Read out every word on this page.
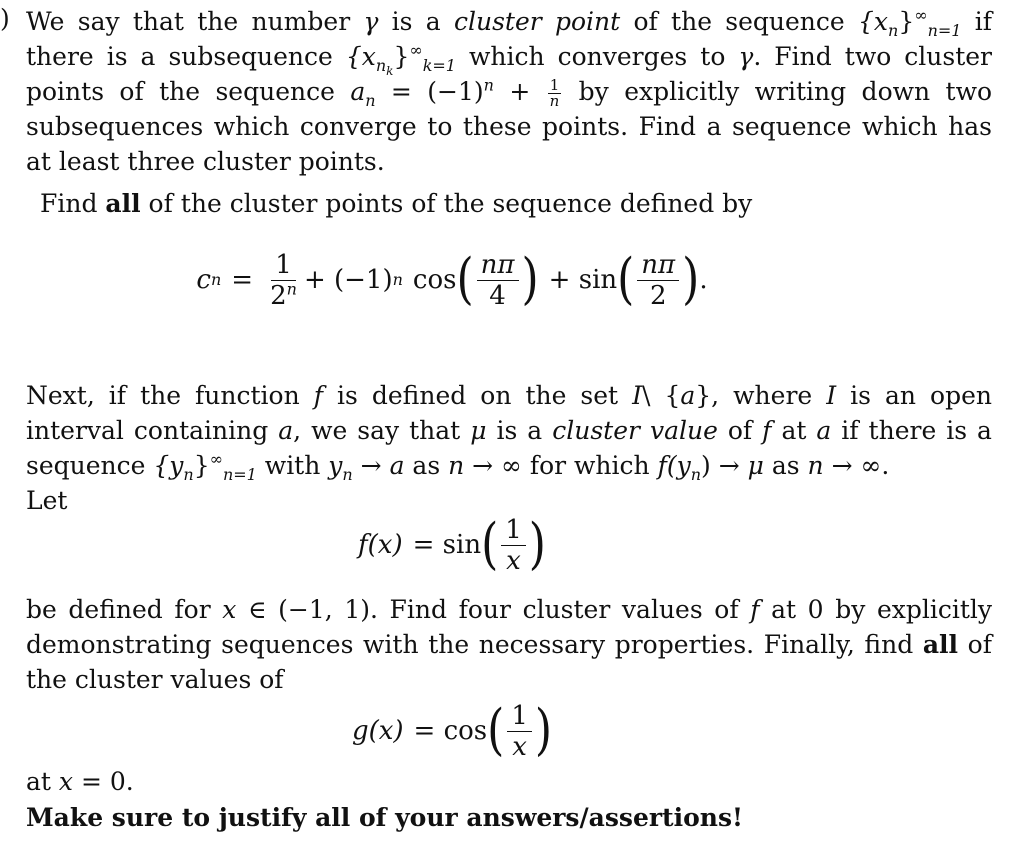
) We say that the number γ is a cluster point of the sequence $\{x_n\}^\infty_{n=1}$ if there is a subsequence $\{x_{n_k}\}^\infty_{k=1}$ which converges to γ. Find two cluster points of the sequence $a_n = (-1)^n + \frac{1}{n}$ by explicitly writing down two subsequences which converge to these points. Find a sequence which has at least three cluster points.
Find all of the cluster points of the sequence defined by
c $n = \frac{1}{2^n} + (-1)$ n cos ( $\frac{n\pi}{4}$ ) + sin ( $\frac{n\pi}{2}$ ) .
Next, if the function f is defined on the set I\ {a}, where I is an open interval containing a, we say that μ is a cluster value of f at a if there is a sequence $\{y_n\}^\infty_{n=1}$ with $y_n \to a$ as n → ∞ for which $f(y_n) \to \mu$ as n → ∞.
Let
f(x) = sin ( $\frac{1}{x}$ )
be defined for x ∈ (−1, 1). Find four cluster values of f at 0 by explicitly demonstrating sequences with the necessary properties. Finally, find all of the cluster values of
g(x) = cos ( $\frac{1}{x}$ )
at x = 0.
Make sure to justify all of your answers/assertions!
